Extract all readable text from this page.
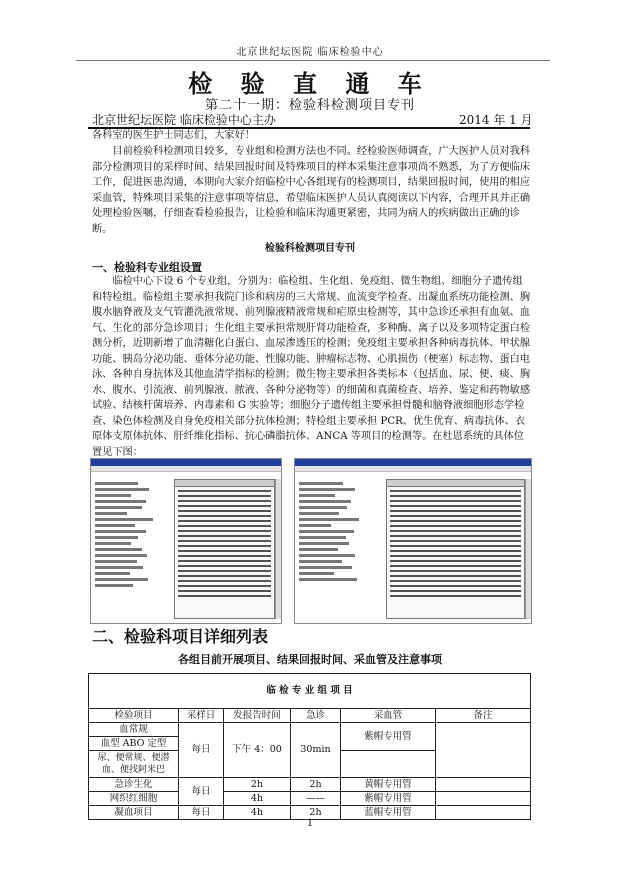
北京世纪坛医院 临床检验中心
检 验 直 通 车
第二十一期：检验科检测项目专刊
北京世纪坛医院 临床检验中心主办	2014 年 1 月
各科室的医生护士同志们，大家好！
目前检验科检测项目较多，专业组和检测方法也不同。经检验医师调查，广大医护人员对我科部分检测项目的采样时间、结果回报时间及特殊项目的样本采集注意事项尚不熟悉，为了方便临床工作，促进医患沟通，本期向大家介绍临检中心各组现有的检测项目，结果回报时间，使用的相应采血管，特殊项目采集的注意事项等信息，希望临床医护人员认真阅读以下内容，合理开具并正确处理检验医嘱，仔细查看检验报告，让检验和临床沟通更紧密，共同为病人的疾病做出正确的诊断。
检验科检测项目专刊
一、检验科专业组设置
临检中心下设 6 个专业组，分别为：临检组、生化组、免疫组、微生物组、细胞分子遗传组和特检组。临检组主要承担我院门诊和病房的三大常规、血流变学检查、出凝血系统功能检测、胸腹水脑脊液及支气管灌洗液常规、前列腺液精液常规和疟原虫检测等，其中急诊还承担有血氨、血气、生化的部分急诊项目；生化组主要承担常规肝肾功能检查，多种酶、离子以及多项特定蛋白检测分析，近期新增了血清糖化白蛋白、血尿渗透压的检测；免疫组主要承担各种病毒抗体、甲状腺功能、胰岛分泌功能、垂体分泌功能、性腺功能、肿瘤标志物、心肌损伤（梗塞）标志物、蛋白电泳、各种自身抗体及其他血清学指标的检测；微生物主要承担各类标本（包括血、尿、便、痰、胸水、腹水、引流液、前列腺液、脓液、各种分泌物等）的细菌和真菌检查、培养、鉴定和药物敏感试验、结核杆菌培养、内毒素和 G 实验等；细胞分子遗传组主要承担骨髓和脑脊液细胞形态学检查、染色体检测及自身免疫相关部分抗体检测；特检组主要承担 PCR、优生优育、病毒抗体、衣原体支原体抗体、肝纤维化指标、抗心磷脂抗体、ANCA 等项目的检测等。在杜恩系统的具体位置见下图：
二、检验科项目详细列表
各组目前开展项目、结果回报时间、采血管及注意事项
临 检 专 业 组 项 目					
检验项目	采样日	发报告时间	急诊	采血管	备注
血常规	每日	下午 4：00	30min	紫帽专用管	
血型 ABO 定型					
尿、便常规、便潜血、便找阿米巴					
急诊生化	每日	2h	2h	黄帽专用管	
网织红细胞		4h	——	紫帽专用管	
凝血项目	每日	4h	2h	蓝帽专用管	
1
